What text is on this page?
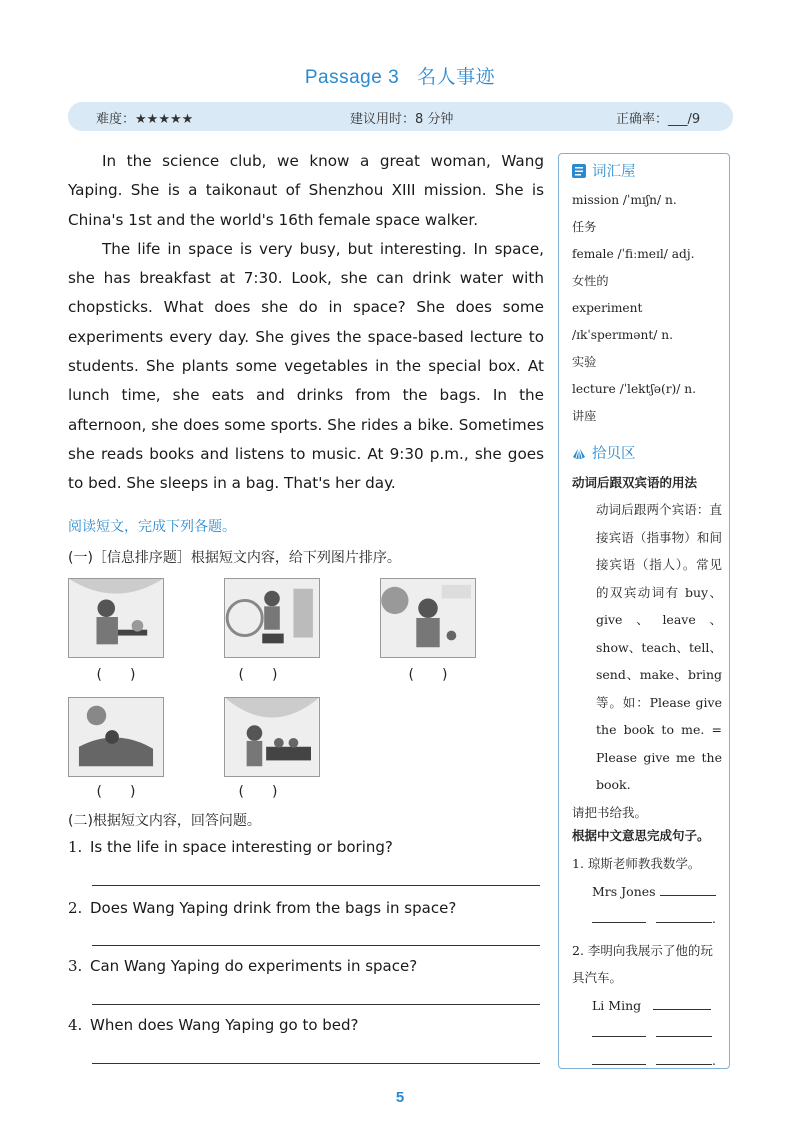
Passage 3 名人事迹
难度：★★★★★	建议用时：8 分钟	正确率：___/9

In the science club, we know a great woman, Wang Yaping. She is a taikonaut of Shenzhou XIII mission. She is China's 1st and the world's 16th female space walker.

The life in space is very busy, but interesting. In space, she has breakfast at 7:30. Look, she can drink water with chopsticks. What does she do in space? She does some experiments every day. She gives the space-based lecture to students. She plants some vegetables in the special box. At lunch time, she eats and drinks from the bags. In the afternoon, she does some sports. She rides a bike. Sometimes she reads books and listens to music. At 9:30 p.m., she goes to bed. She sleeps in a bag. That's her day.

阅读短文，完成下列各题。
(一)［信息排序题］根据短文内容，给下列图片排序。
(　　)	(　　)	(　　)
(　　)	(　　)
(二)根据短文内容，回答问题。
1. Is the life in space interesting or boring?
2. Does Wang Yaping drink from the bags in space?
3. Can Wang Yaping do experiments in space?
4. When does Wang Yaping go to bed?
词汇屋
mission /ˈmɪʃn/ n.
任务
female /ˈfiːmeɪl/ adj.
女性的
experiment
/ɪkˈsperɪmənt/ n.
实验
lecture /ˈlektʃə(r)/ n.
讲座
拾贝区
动词后跟双宾语的用法
动词后跟两个宾语：直接宾语（指事物）和间接宾语（指人）。常见的双宾动词有 buy、give、leave、show、teach、tell、send、make、bring 等。如：Please give the book to me. = Please give me the book.
请把书给我。
根据中文意思完成句子。
1. 琼斯老师教我数学。
Mrs Jones
.
2. 李明向我展示了他的玩具汽车。
Li Ming

.
5
